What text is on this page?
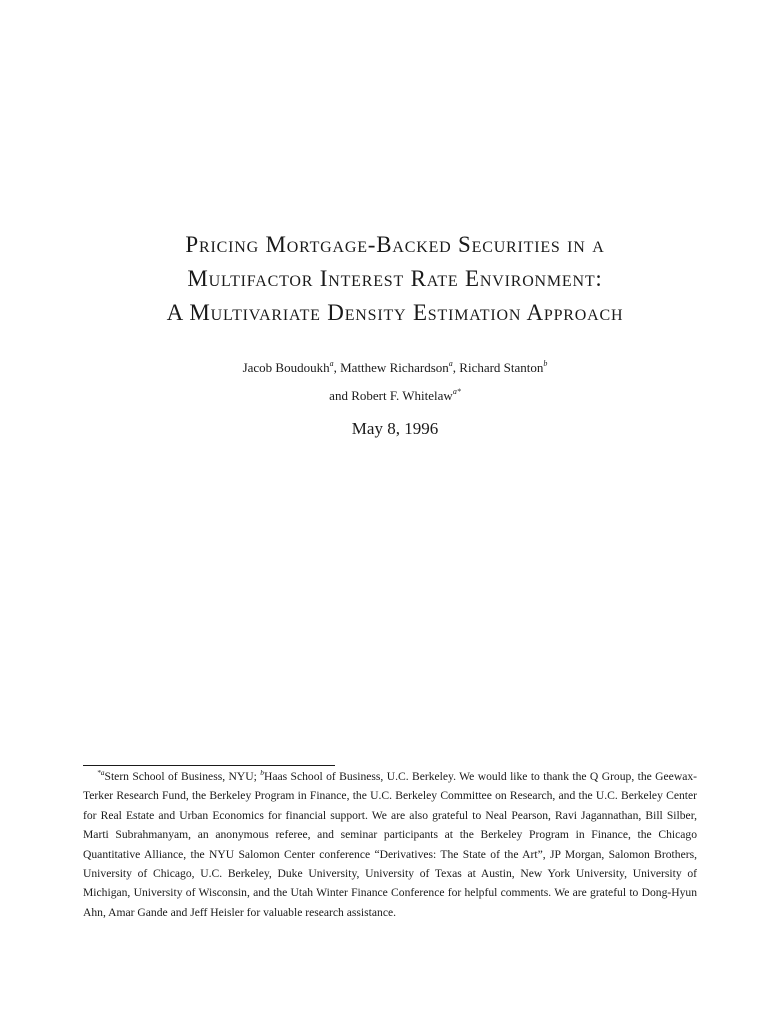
Pricing Mortgage-Backed Securities in a
Multifactor Interest Rate Environment:
A Multivariate Density Estimation Approach
Jacob Boudoukh$^a$, Matthew Richardson$^a$, Richard Stanton$^b$
and Robert F. Whitelaw$^{a*}$
May 8, 1996

$^{*a}$Stern School of Business, NYU; $^b$Haas School of Business, U.C. Berkeley. We would like to thank the Q Group, the Geewax-Terker Research Fund, the Berkeley Program in Finance, the U.C. Berkeley Committee on Research, and the U.C. Berkeley Center for Real Estate and Urban Economics for financial support. We are also grateful to Neal Pearson, Ravi Jagannathan, Bill Silber, Marti Subrahmanyam, an anonymous referee, and seminar participants at the Berkeley Program in Finance, the Chicago Quantitative Alliance, the NYU Salomon Center conference “Derivatives: The State of the Art”, JP Morgan, Salomon Brothers, University of Chicago, U.C. Berkeley, Duke University, University of Texas at Austin, New York University, University of Michigan, University of Wisconsin, and the Utah Winter Finance Conference for helpful comments. We are grateful to Dong-Hyun Ahn, Amar Gande and Jeff Heisler for valuable research assistance.
